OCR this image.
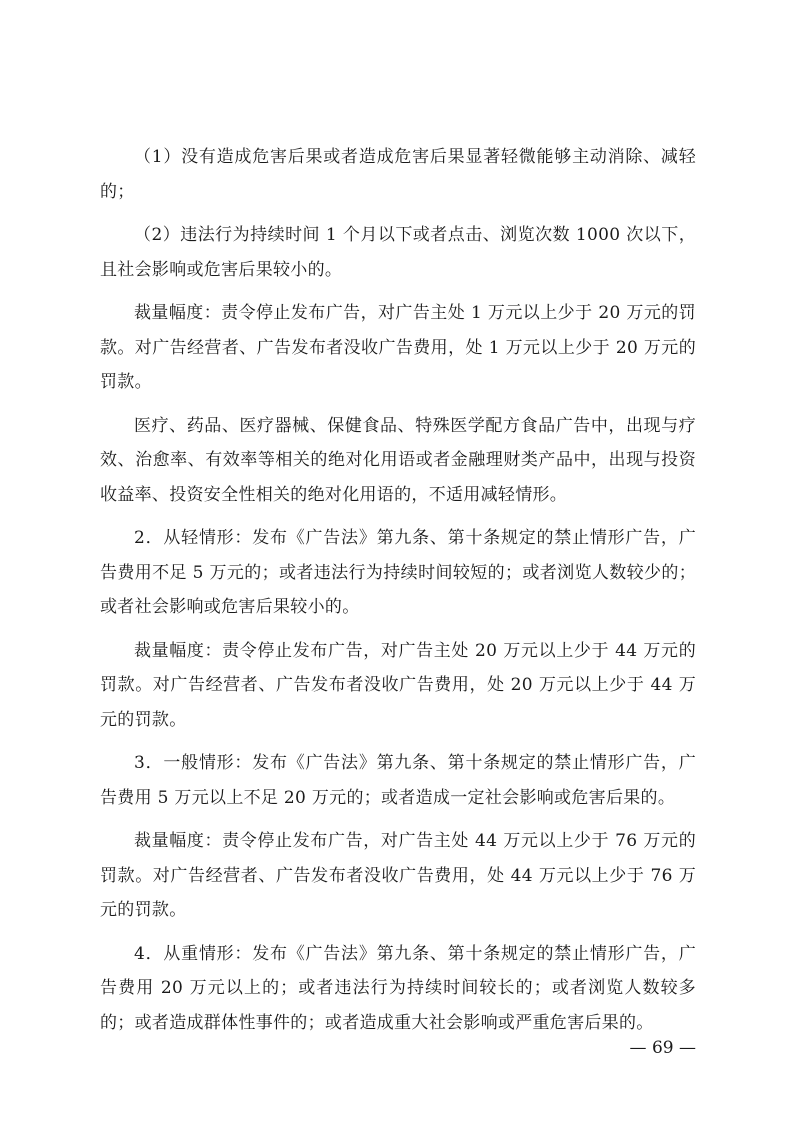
（1）没有造成危害后果或者造成危害后果显著轻微能够主动消除、减轻的；

（2）违法行为持续时间 1 个月以下或者点击、浏览次数 1000 次以下，且社会影响或危害后果较小的。

裁量幅度：责令停止发布广告，对广告主处 1 万元以上少于 20 万元的罚款。对广告经营者、广告发布者没收广告费用，处 1 万元以上少于 20 万元的罚款。

医疗、药品、医疗器械、保健食品、特殊医学配方食品广告中，出现与疗效、治愈率、有效率等相关的绝对化用语或者金融理财类产品中，出现与投资收益率、投资安全性相关的绝对化用语的，不适用减轻情形。

2．从轻情形：发布《广告法》第九条、第十条规定的禁止情形广告，广告费用不足 5 万元的；或者违法行为持续时间较短的；或者浏览人数较少的；或者社会影响或危害后果较小的。

裁量幅度：责令停止发布广告，对广告主处 20 万元以上少于 44 万元的罚款。对广告经营者、广告发布者没收广告费用，处 20 万元以上少于 44 万元的罚款。

3．一般情形：发布《广告法》第九条、第十条规定的禁止情形广告，广告费用 5 万元以上不足 20 万元的；或者造成一定社会影响或危害后果的。

裁量幅度：责令停止发布广告，对广告主处 44 万元以上少于 76 万元的罚款。对广告经营者、广告发布者没收广告费用，处 44 万元以上少于 76 万元的罚款。

4．从重情形：发布《广告法》第九条、第十条规定的禁止情形广告，广告费用 20 万元以上的；或者违法行为持续时间较长的；或者浏览人数较多的；或者造成群体性事件的；或者造成重大社会影响或严重危害后果的。

— 69 —
